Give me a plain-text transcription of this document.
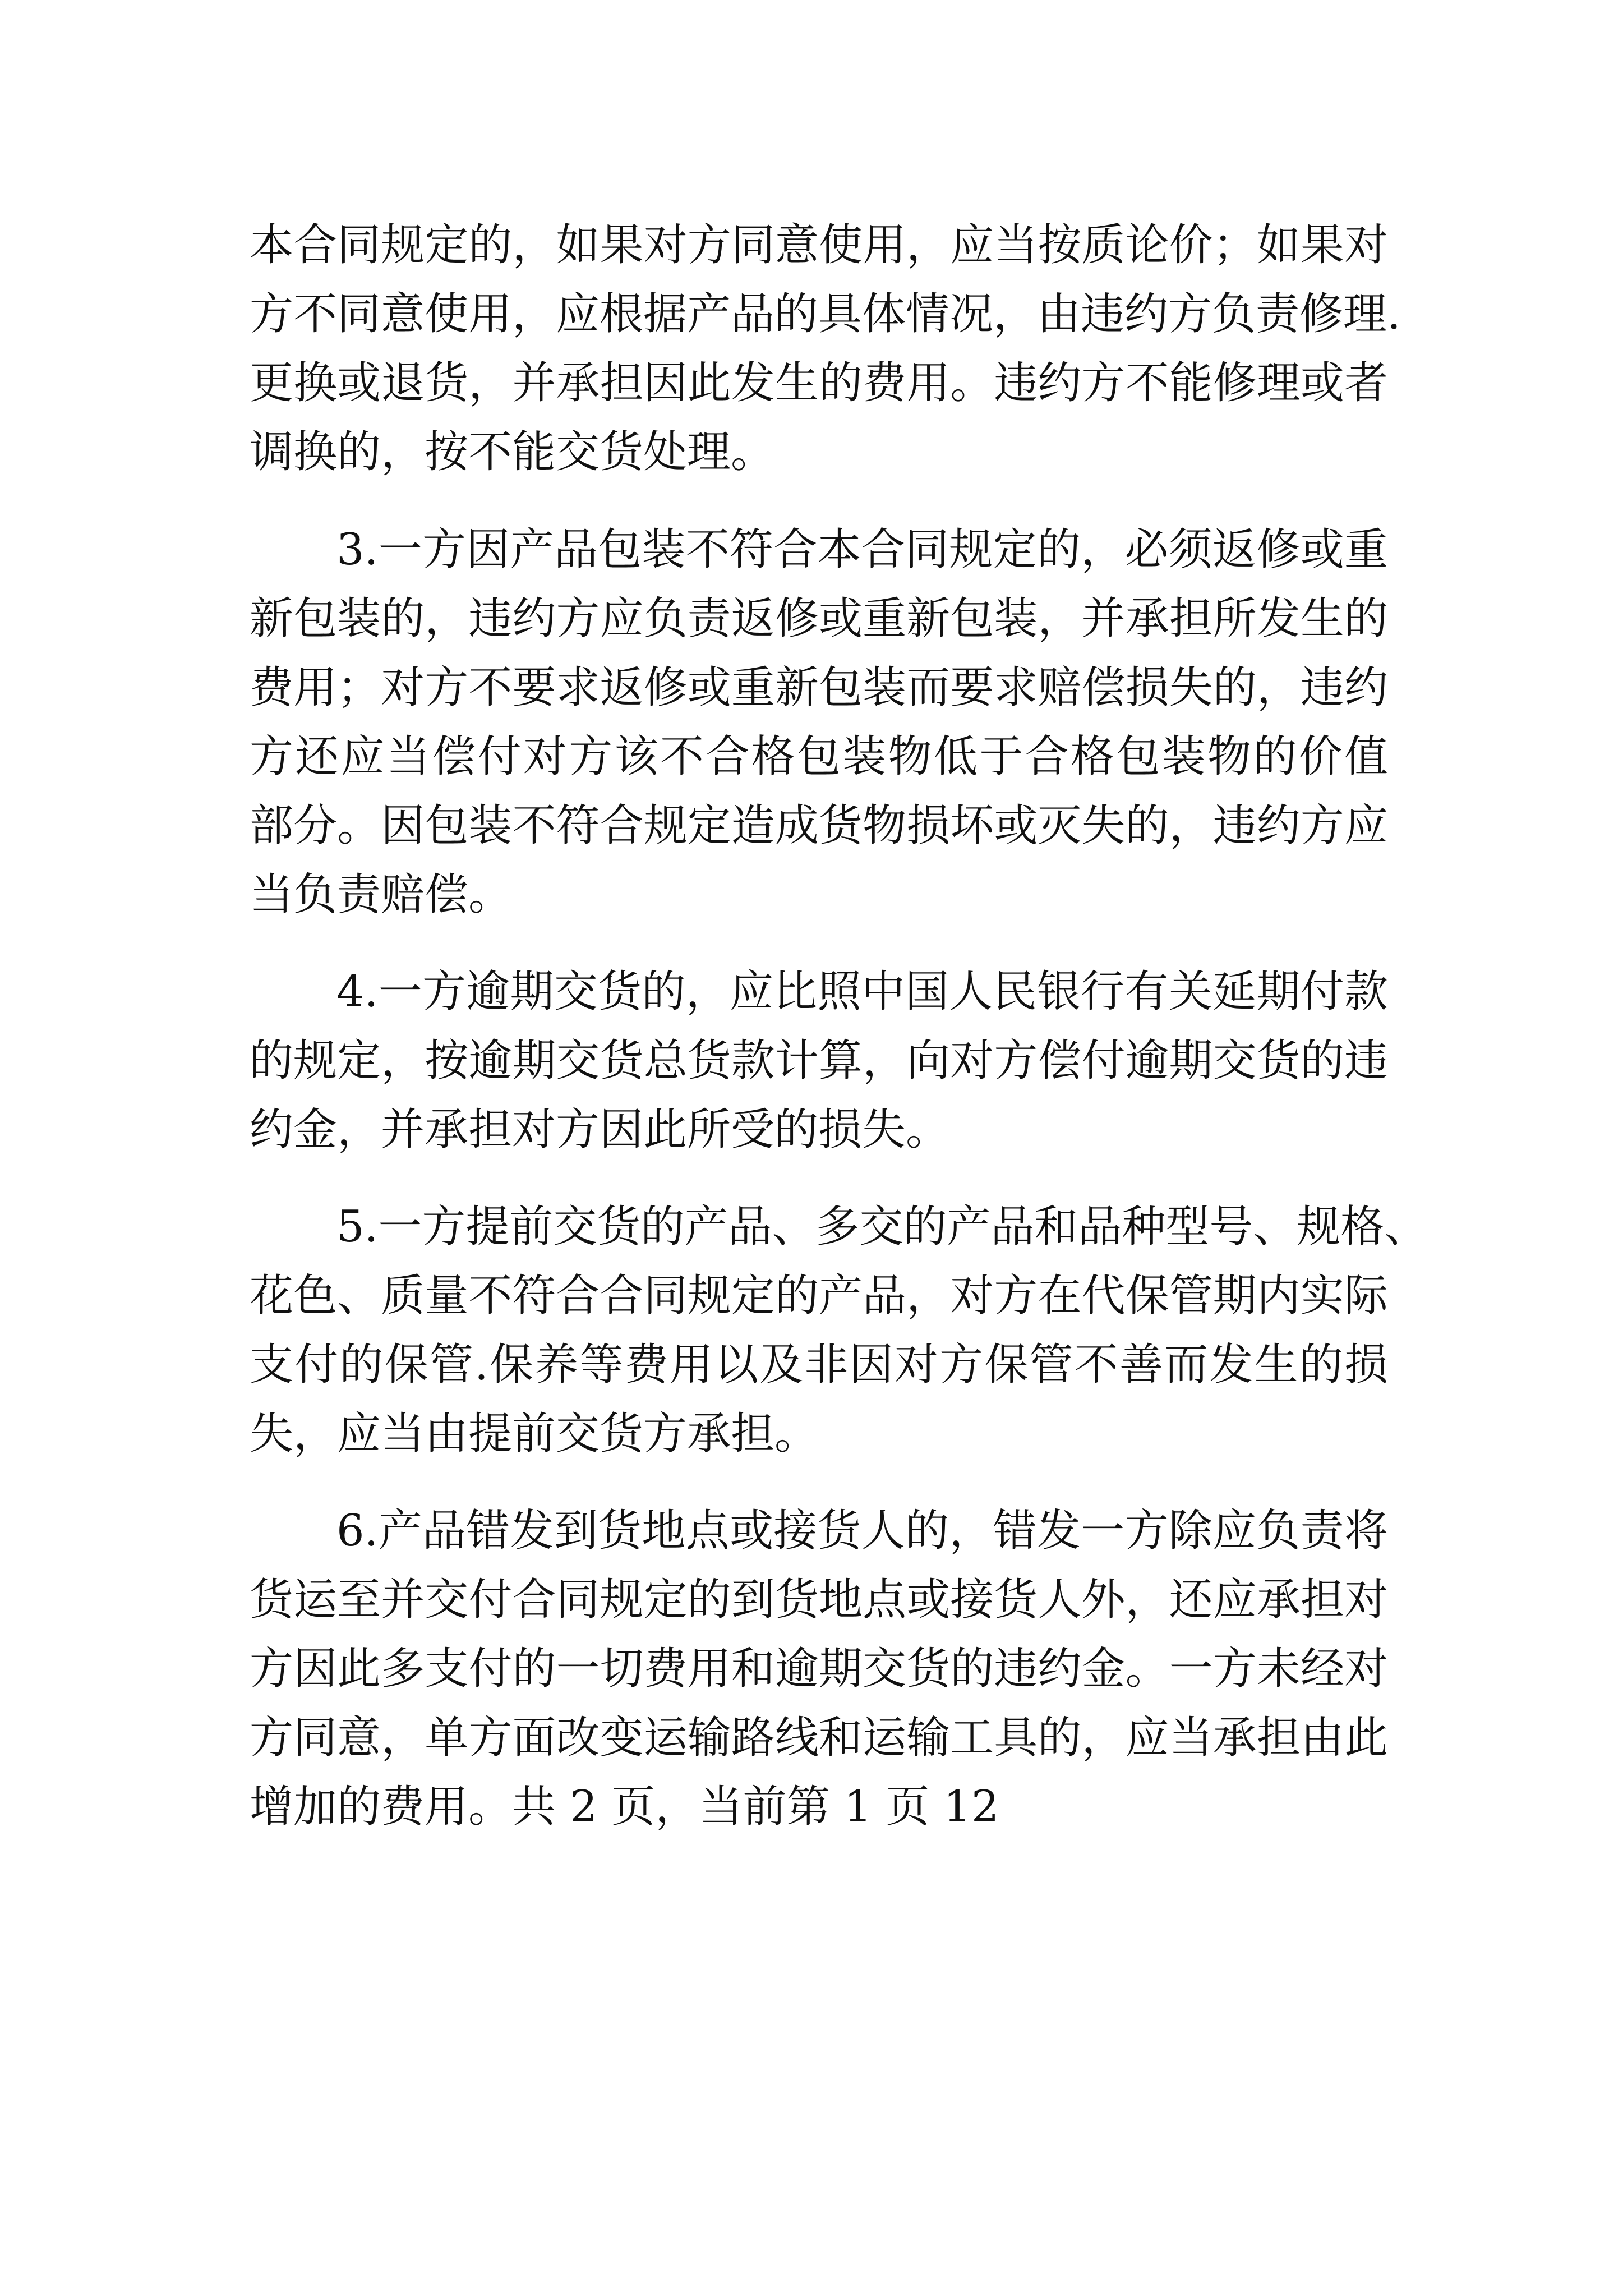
本合同规定的，如果对方同意使用，应当按质论价；如果对
方不同意使用，应根据产品的具体情况，由违约方负责修理.
更换或退货，并承担因此发生的费用。违约方不能修理或者
调换的，按不能交货处理。
3.一方因产品包装不符合本合同规定的，必须返修或重
新包装的，违约方应负责返修或重新包装，并承担所发生的
费用；对方不要求返修或重新包装而要求赔偿损失的，违约
方还应当偿付对方该不合格包装物低于合格包装物的价值
部分。因包装不符合规定造成货物损坏或灭失的，违约方应
当负责赔偿。
4.一方逾期交货的，应比照中国人民银行有关延期付款
的规定，按逾期交货总货款计算，向对方偿付逾期交货的违
约金，并承担对方因此所受的损失。
5.一方提前交货的产品、多交的产品和品种型号、规格、
花色、质量不符合合同规定的产品，对方在代保管期内实际
支付的保管.保养等费用以及非因对方保管不善而发生的损
失，应当由提前交货方承担。
6.产品错发到货地点或接货人的，错发一方除应负责将
货运至并交付合同规定的到货地点或接货人外，还应承担对
方因此多支付的一切费用和逾期交货的违约金。一方未经对
方同意，单方面改变运输路线和运输工具的，应当承担由此
增加的费用。共 2 页，当前第 1 页 12
